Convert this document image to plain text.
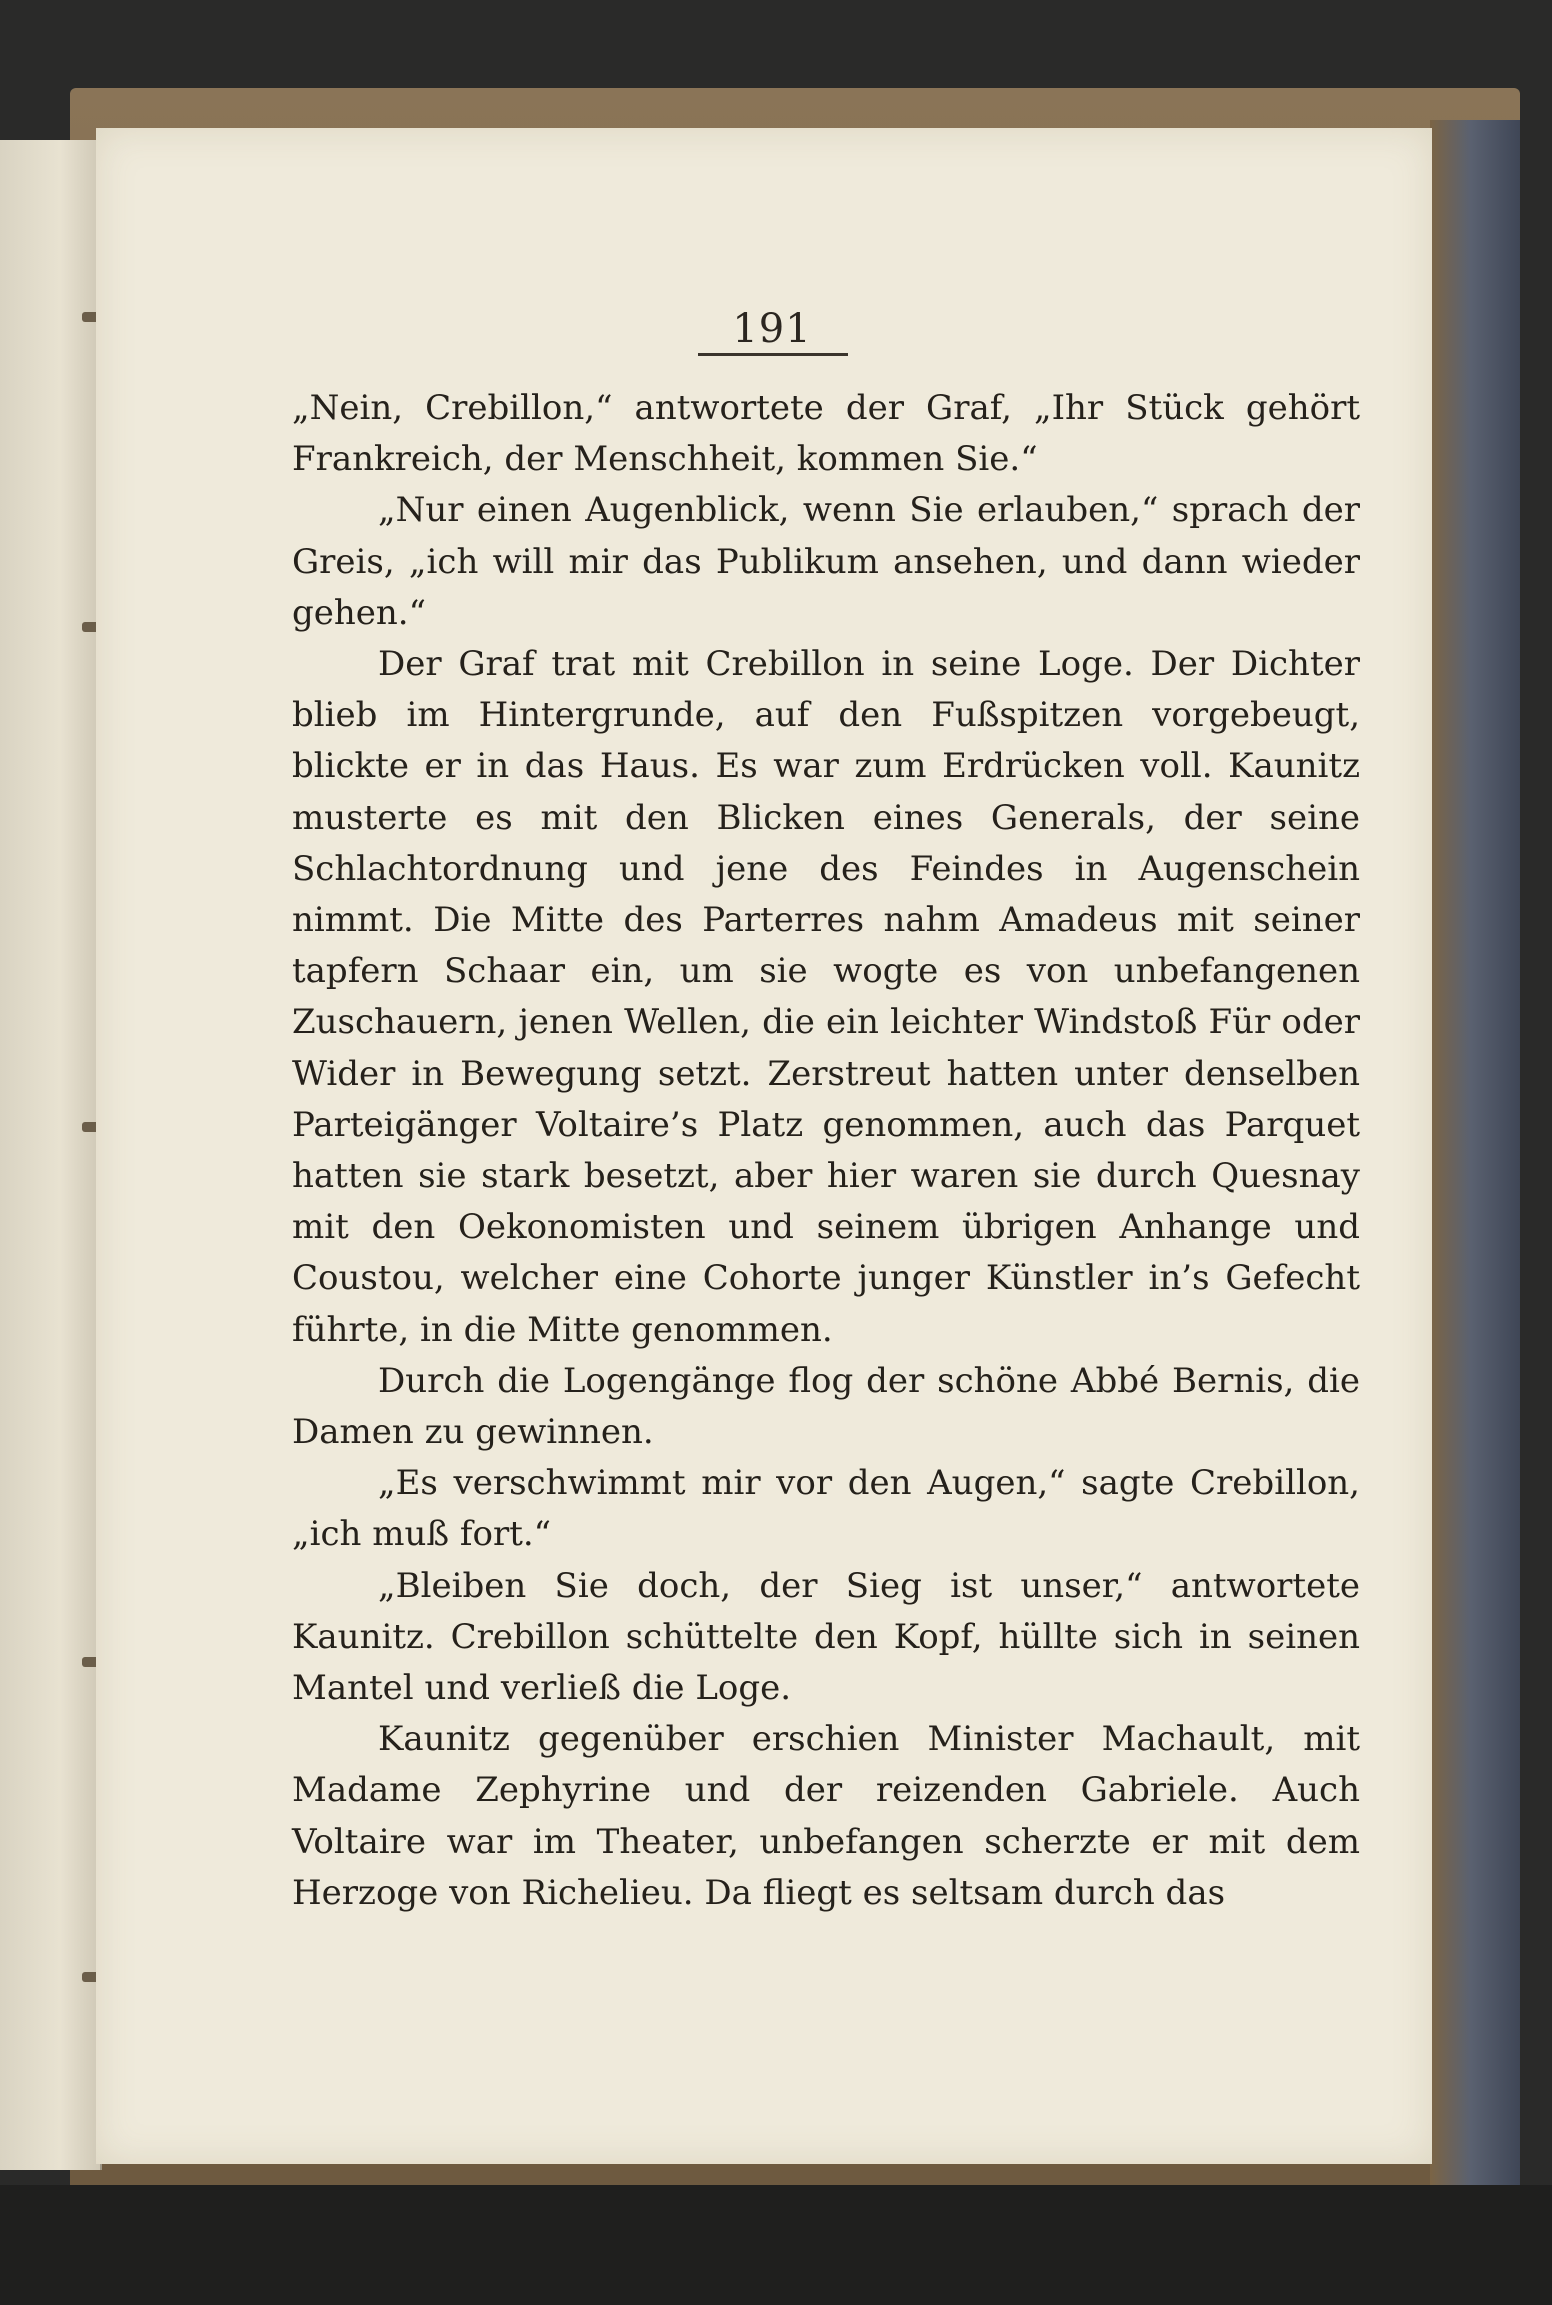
191

„Nein, Crebillon,“ antwortete der Graf, „Ihr Stück gehört Frankreich, der Menschheit, kommen Sie.“

„Nur einen Augenblick, wenn Sie erlauben,“ sprach der Greis, „ich will mir das Publikum ansehen, und dann wieder gehen.“

Der Graf trat mit Crebillon in seine Loge. Der Dichter blieb im Hintergrunde, auf den Fußspitzen vorgebeugt, blickte er in das Haus. Es war zum Erdrücken voll. Kaunitz musterte es mit den Blicken eines Generals, der seine Schlachtordnung und jene des Feindes in Augenschein nimmt. Die Mitte des Parterres nahm Amadeus mit seiner tapfern Schaar ein, um sie wogte es von unbefangenen Zuschauern, jenen Wellen, die ein leichter Windstoß Für oder Wider in Bewegung setzt. Zerstreut hatten unter denselben Parteigänger Voltaire’s Platz genommen, auch das Parquet hatten sie stark besetzt, aber hier waren sie durch Quesnay mit den Oekonomisten und seinem übrigen Anhange und Coustou, welcher eine Cohorte junger Künstler in’s Gefecht führte, in die Mitte genommen.

Durch die Logengänge flog der schöne Abbé Bernis, die Damen zu gewinnen.

„Es verschwimmt mir vor den Augen,“ sagte Crebillon, „ich muß fort.“

„Bleiben Sie doch, der Sieg ist unser,“ antwortete Kaunitz. Crebillon schüttelte den Kopf, hüllte sich in seinen Mantel und verließ die Loge.

Kaunitz gegenüber erschien Minister Machault, mit Madame Zephyrine und der reizenden Gabriele. Auch Voltaire war im Theater, unbefangen scherzte er mit dem Herzoge von Richelieu. Da fliegt es seltsam durch das
